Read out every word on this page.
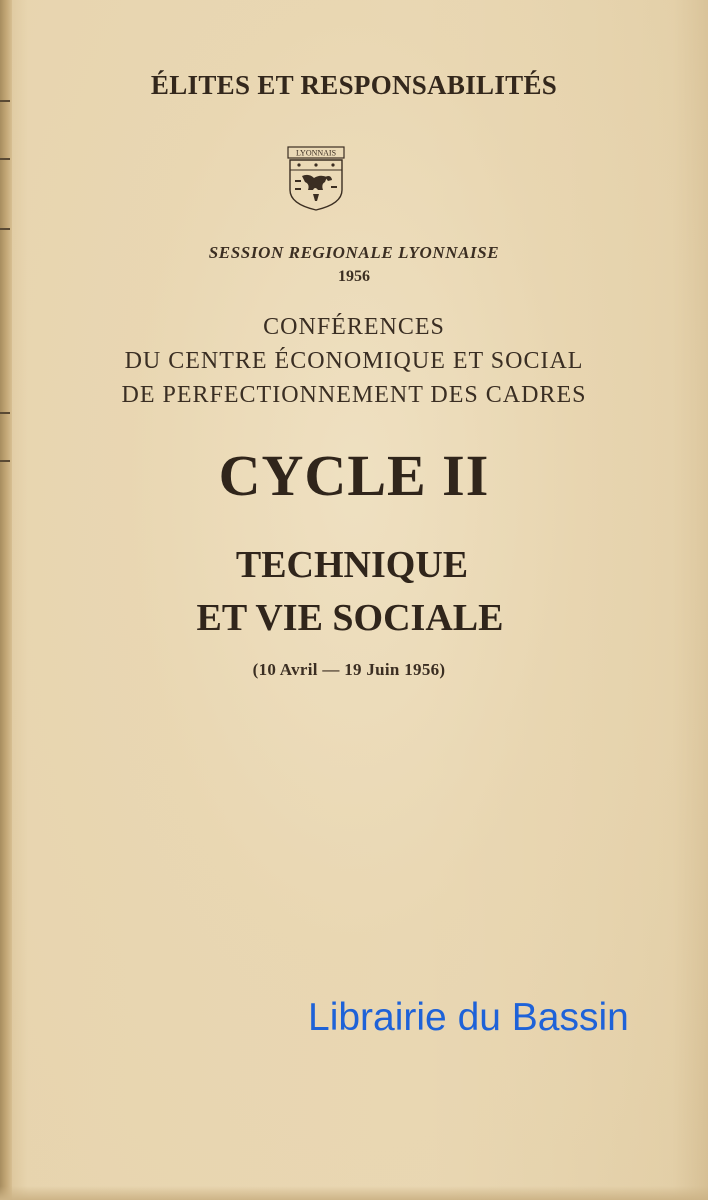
ÉLITES ET RESPONSABILITÉS
LYONNAIS
SESSION REGIONALE LYONNAISE
1956
CONFÉRENCES
DU CENTRE ÉCONOMIQUE ET SOCIAL
DE PERFECTIONNEMENT DES CADRES
CYCLE II
TECHNIQUE
ET VIE SOCIALE
(10 Avril — 19 Juin 1956)
Librairie du Bassin
